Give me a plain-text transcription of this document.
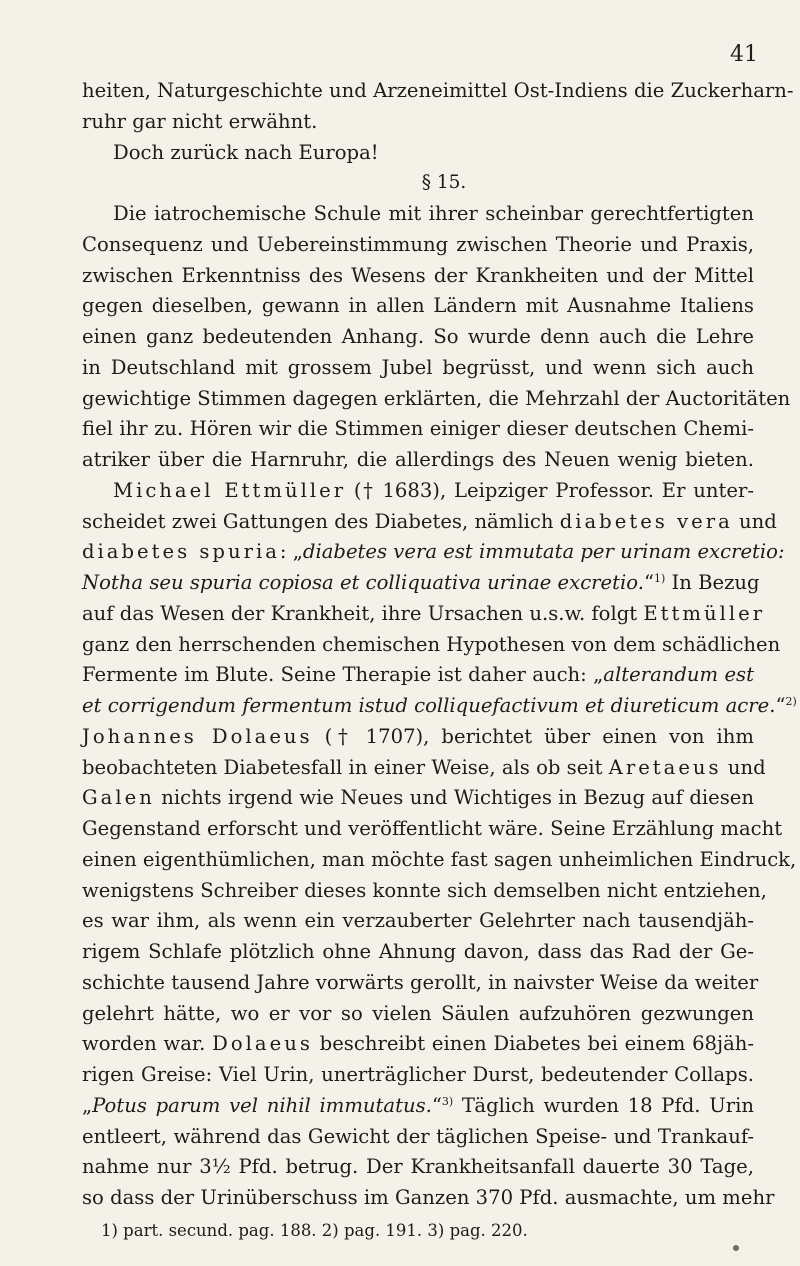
41
heiten, Naturgeschichte und Arzeneimittel Ost-Indiens die Zuckerharn-
ruhr gar nicht erwähnt.
Doch zurück nach Europa!
§ 15.
Die iatrochemische Schule mit ihrer scheinbar gerechtfertigten
Consequenz und Uebereinstimmung zwischen Theorie und Praxis,
zwischen Erkenntniss des Wesens der Krankheiten und der Mittel
gegen dieselben, gewann in allen Ländern mit Ausnahme Italiens
einen ganz bedeutenden Anhang. So wurde denn auch die Lehre
in Deutschland mit grossem Jubel begrüsst, und wenn sich auch
gewichtige Stimmen dagegen erklärten, die Mehrzahl der Auctoritäten
fiel ihr zu. Hören wir die Stimmen einiger dieser deutschen Chemi-
atriker über die Harnruhr, die allerdings des Neuen wenig bieten.
Michael Ettmüller († 1683), Leipziger Professor. Er unter-
scheidet zwei Gattungen des Diabetes, nämlich diabetes vera und
diabetes spuria: „diabetes vera est immutata per urinam excretio:
Notha seu spuria copiosa et colliquativa urinae excretio.“$^{1)}$ In Bezug
auf das Wesen der Krankheit, ihre Ursachen u.s.w. folgt Ettmüller
ganz den herrschenden chemischen Hypothesen von dem schädlichen
Fermente im Blute. Seine Therapie ist daher auch: „alterandum est
et corrigendum fermentum istud colliquefactivum et diureticum acre.“$^{2)}$
Johannes Dolaeus († 1707), berichtet über einen von ihm
beobachteten Diabetesfall in einer Weise, als ob seit Aretaeus und
Galen nichts irgend wie Neues und Wichtiges in Bezug auf diesen
Gegenstand erforscht und veröffentlicht wäre. Seine Erzählung macht
einen eigenthümlichen, man möchte fast sagen unheimlichen Eindruck,
wenigstens Schreiber dieses konnte sich demselben nicht entziehen,
es war ihm, als wenn ein verzauberter Gelehrter nach tausendjäh-
rigem Schlafe plötzlich ohne Ahnung davon, dass das Rad der Ge-
schichte tausend Jahre vorwärts gerollt, in naivster Weise da weiter
gelehrt hätte, wo er vor so vielen Säulen aufzuhören gezwungen
worden war. Dolaeus beschreibt einen Diabetes bei einem 68jäh-
rigen Greise: Viel Urin, unerträglicher Durst, bedeutender Collaps.
„Potus parum vel nihil immutatus.“$^{3)}$ Täglich wurden 18 Pfd. Urin
entleert, während das Gewicht der täglichen Speise- und Trankauf-
nahme nur 3½ Pfd. betrug. Der Krankheitsanfall dauerte 30 Tage,
so dass der Urinüberschuss im Ganzen 370 Pfd. ausmachte, um mehr
1) part. secund. pag. 188. 2) pag. 191. 3) pag. 220.
